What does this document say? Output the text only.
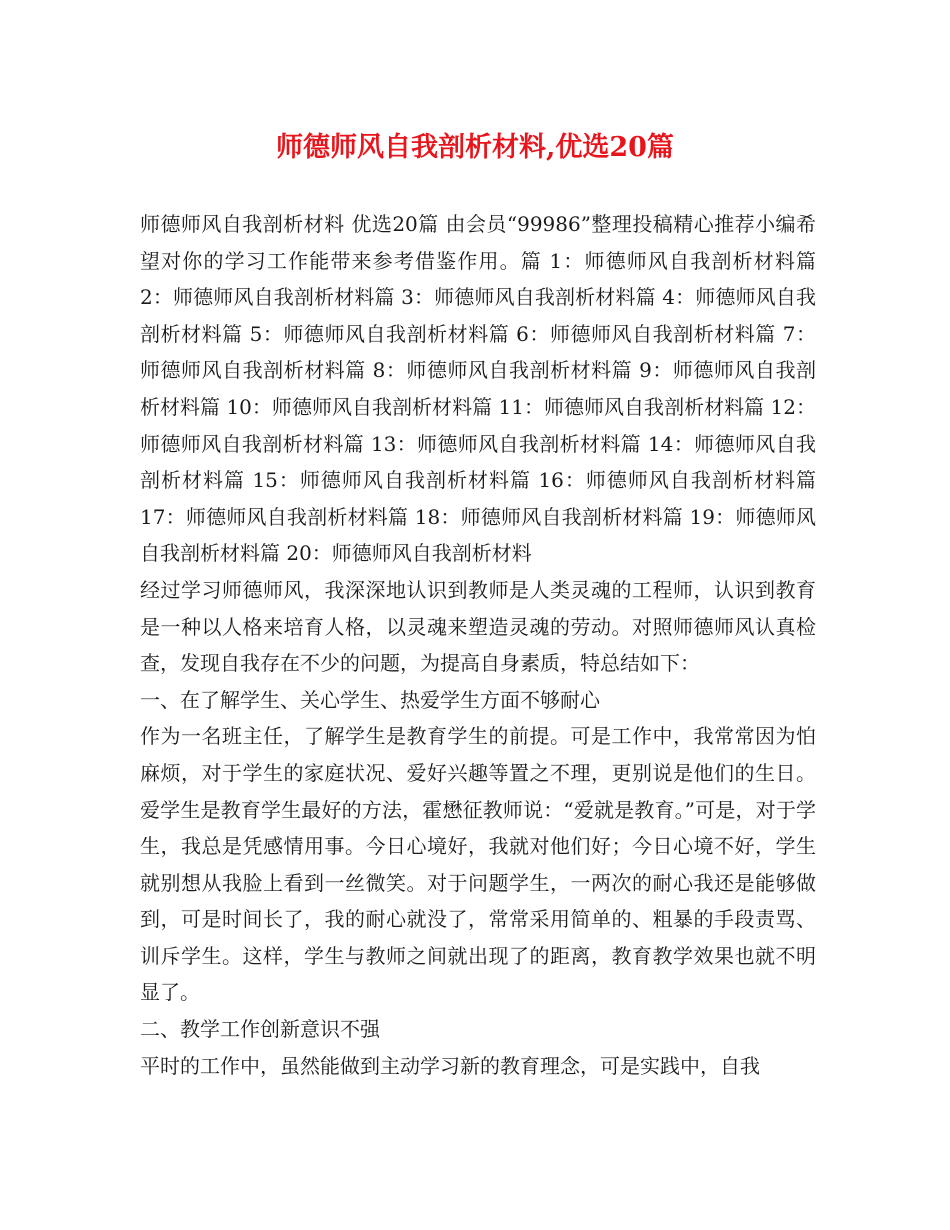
师德师风自我剖析材料,优选20篇

师德师风自我剖析材料 优选20篇 由会员“99986”整理投稿精心推荐小编希望对你的学习工作能带来参考借鉴作用。篇 1：师德师风自我剖析材料篇 2：师德师风自我剖析材料篇 3：师德师风自我剖析材料篇 4：师德师风自我剖析材料篇 5：师德师风自我剖析材料篇 6：师德师风自我剖析材料篇 7：师德师风自我剖析材料篇 8：师德师风自我剖析材料篇 9：师德师风自我剖析材料篇 10：师德师风自我剖析材料篇 11：师德师风自我剖析材料篇 12：师德师风自我剖析材料篇 13：师德师风自我剖析材料篇 14：师德师风自我剖析材料篇 15：师德师风自我剖析材料篇 16：师德师风自我剖析材料篇 17：师德师风自我剖析材料篇 18：师德师风自我剖析材料篇 19：师德师风自我剖析材料篇 20：师德师风自我剖析材料

经过学习师德师风，我深深地认识到教师是人类灵魂的工程师，认识到教育是一种以人格来培育人格，以灵魂来塑造灵魂的劳动。对照师德师风认真检查，发现自我存在不少的问题，为提高自身素质，特总结如下：

一、在了解学生、关心学生、热爱学生方面不够耐心

作为一名班主任，了解学生是教育学生的前提。可是工作中，我常常因为怕麻烦，对于学生的家庭状况、爱好兴趣等置之不理，更别说是他们的生日。爱学生是教育学生最好的方法，霍懋征教师说：“爱就是教育。”可是，对于学生，我总是凭感情用事。今日心境好，我就对他们好；今日心境不好，学生就别想从我脸上看到一丝微笑。对于问题学生，一两次的耐心我还是能够做到，可是时间长了，我的耐心就没了，常常采用简单的、粗暴的手段责骂、训斥学生。这样，学生与教师之间就出现了的距离，教育教学效果也就不明显了。

二、教学工作创新意识不强

平时的工作中，虽然能做到主动学习新的教育理念，可是实践中，自我
